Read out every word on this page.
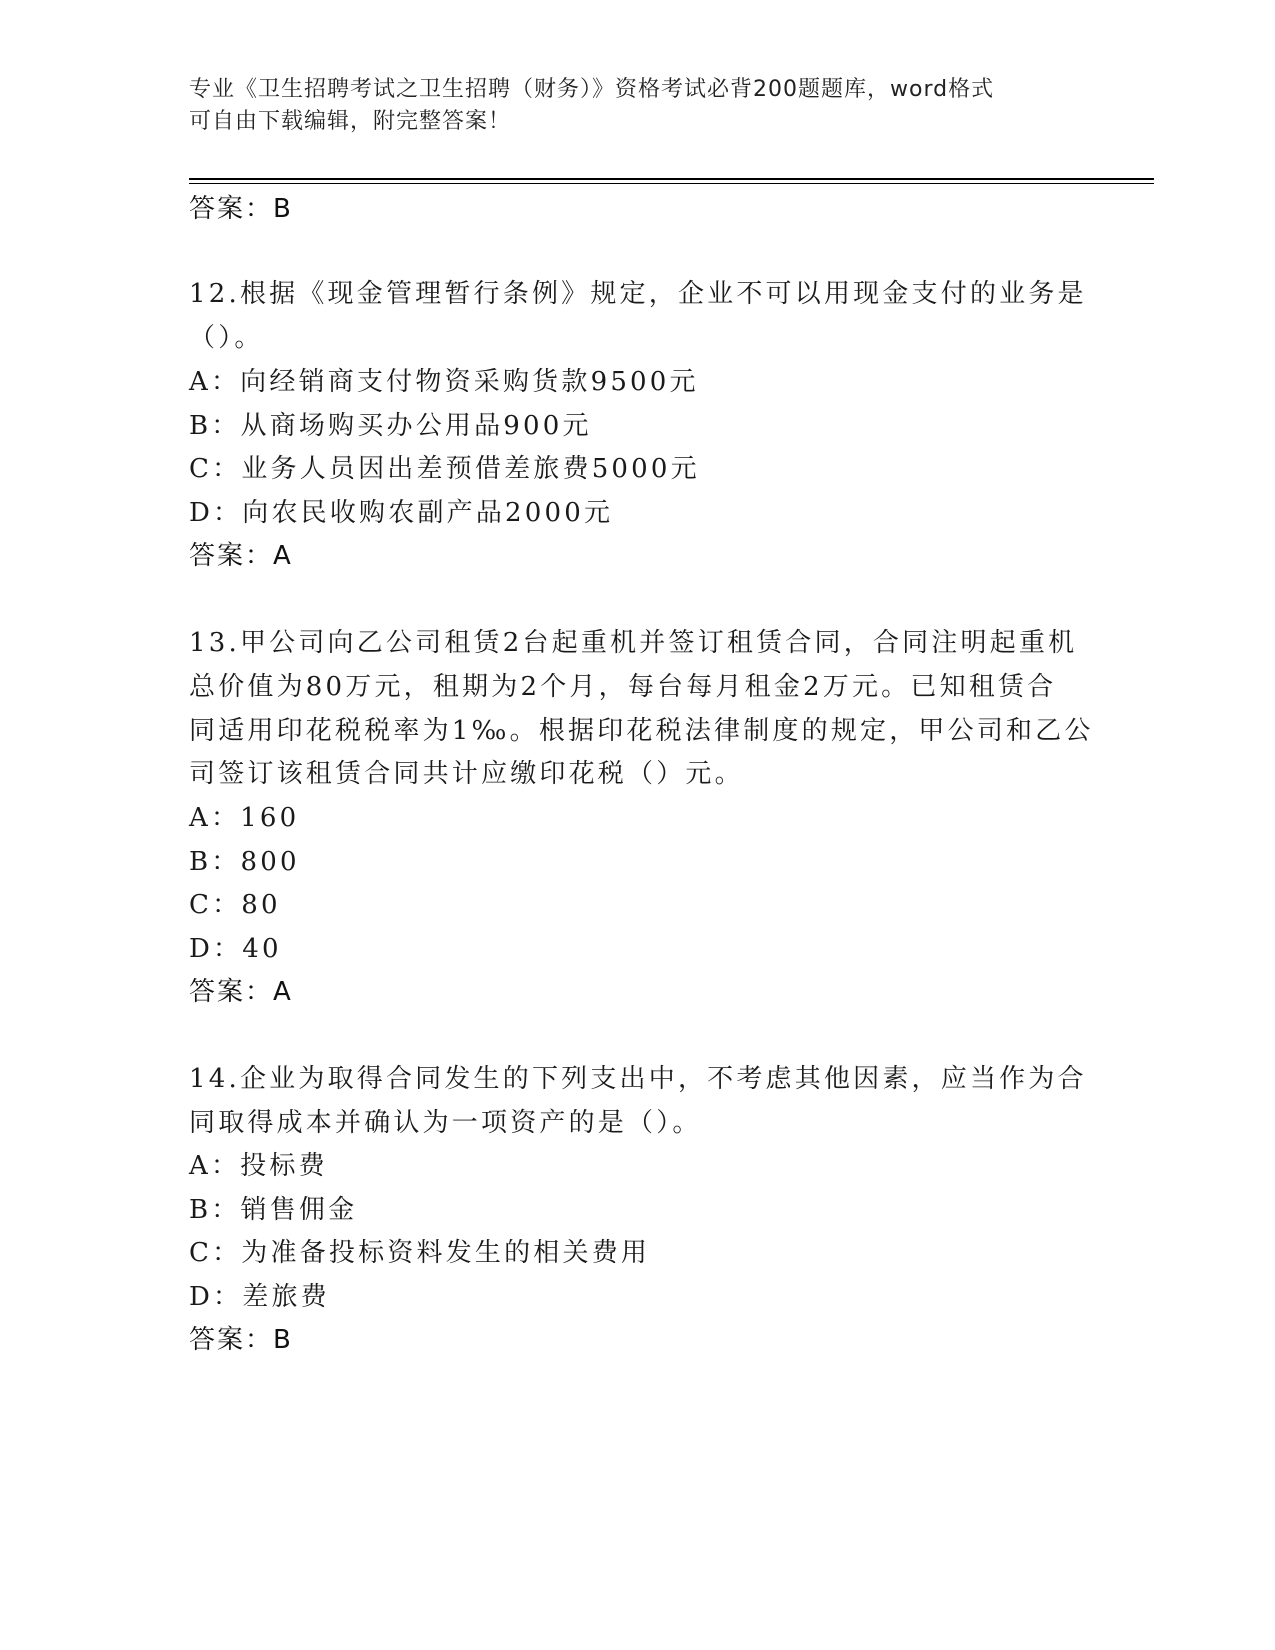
专业《卫生招聘考试之卫生招聘（财务）》资格考试必背200题题库，word格式
可自由下载编辑，附完整答案！
答案：B
12.根据《现金管理暂行条例》规定，企业不可以用现金支付的业务是
（）。
A：向经销商支付物资采购货款9500元
B：从商场购买办公用品900元
C：业务人员因出差预借差旅费5000元
D：向农民收购农副产品2000元
答案：A
13.甲公司向乙公司租赁2台起重机并签订租赁合同，合同注明起重机
总价值为80万元，租期为2个月，每台每月租金2万元。已知租赁合
同适用印花税税率为1‰。根据印花税法律制度的规定，甲公司和乙公
司签订该租赁合同共计应缴印花税（）元。
A：160
B：800
C：80
D：40
答案：A
14.企业为取得合同发生的下列支出中，不考虑其他因素，应当作为合
同取得成本并确认为一项资产的是（）。
A：投标费
B：销售佣金
C：为准备投标资料发生的相关费用
D：差旅费
答案：B
